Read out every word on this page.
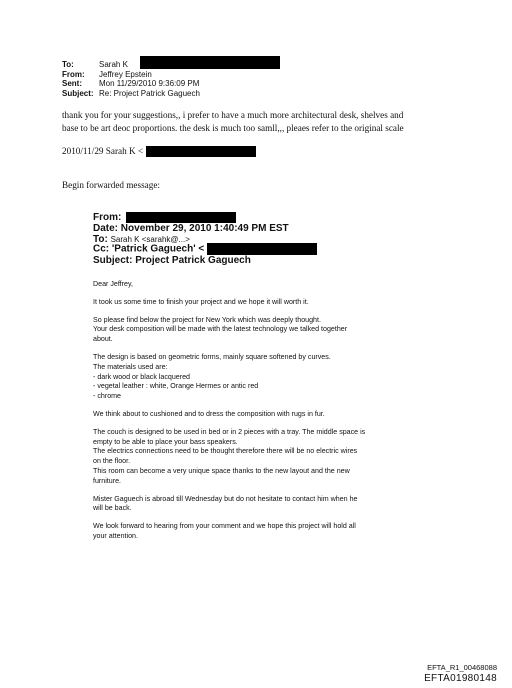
To:	Sarah K
From: Jeffrey Epstein
Sent: Mon 11/29/2010 9:36:09 PM
Subject: Re: Project Patrick Gaguech
thank you for your suggestions,, i prefer to have a much more architectural desk, shelves and
base to be art deoc proportions. the desk is much too samll,,, pleaes refer to the original scale
2010/11/29 Sarah K <
Begin forwarded message:
From:
Date: November 29, 2010 1:40:49 PM EST
To: Sarah K <sarahk@...>
Cc: 'Patrick Gaguech' <
Subject: Project Patrick Gaguech

Dear Jeffrey,

It took us some time to finish your project and we hope it will worth it.

So please find below the project for New York which was deeply thought.
Your desk composition will be made with the latest technology we talked together
about.

The design is based on geometric forms, mainly square softened by curves.
The materials used are:
- dark wood or black lacquered
- vegetal leather : white, Orange Hermes or antic red
- chrome

We think about to cushioned and to dress the composition with rugs in fur.

The couch is designed to be used in bed or in 2 pieces with a tray. The middle space is
empty to be able to place your bass speakers.
The electrics connections need to be thought therefore there will be no electric wires
on the floor.
This room can become a very unique space thanks to the new layout and the new
furniture.

Mister Gaguech is abroad till Wednesday but do not hesitate to contact him when he
will be back.

We look forward to hearing from your comment and we hope this project will hold all
your attention.

EFTA_R1_00468088
EFTA01980148
